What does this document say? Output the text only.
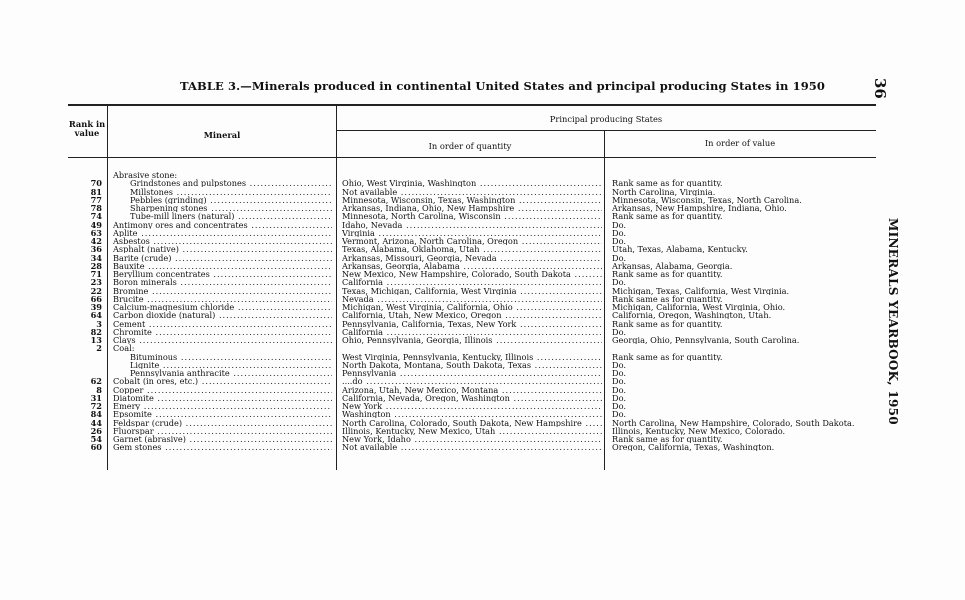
TABLE 3.—Minerals produced in continental United States and principal producing States in 1950	36
MINERALS YEARBOOK, 1950
Rank in value	Mineral
Principal producing States
In order of quantity	In order of value
Abrasive stone:
70	Grindstones and pulpstones .....	Ohio, West Virginia, Washington .....	Rank same as for quantity.
81	Millstones .....	Not available .....	North Carolina, Virginia.
77	Pebbles (grinding) .....	Minnesota, Wisconsin, Texas, Washington .....	Minnesota, Wisconsin, Texas, North Carolina.
78	Sharpening stones .....	Arkansas, Indiana, Ohio, New Hampshire .....	Arkansas, New Hampshire, Indiana, Ohio.
74	Tube-mill liners (natural) .....	Minnesota, North Carolina, Wisconsin .....	Rank same as for quantity.
49 Antimony ores and concentrates .....	Idaho, Nevada .....	Do.
63 Aplite .....	Virginia .....	Do.
42 Asbestos .....	Vermont, Arizona, North Carolina, Oregon .....	Do.
36 Asphalt (native) .....	Texas, Alabama, Oklahoma, Utah .....	Utah, Texas, Alabama, Kentucky.
34 Barite (crude) .....	Arkansas, Missouri, Georgia, Nevada .....	Do.
28 Bauxite .....	Arkansas, Georgia, Alabama .....	Arkansas, Alabama, Georgia.
71 Beryllium concentrates .....	New Mexico, New Hampshire, Colorado, South Dakota .....	Rank same as for quantity.
23 Boron minerals .....	California .....	Do.
22 Bromine .....	Texas, Michigan, California, West Virginia .....	Michigan, Texas, California, West Virginia.
66 Brucite .....	Nevada .....	Rank same as for quantity.
39 Calcium-magnesium chloride .....	Michigan, West Virginia, California, Ohio .....	Michigan, California, West Virginia, Ohio.
64 Carbon dioxide (natural) .....	California, Utah, New Mexico, Oregon .....	California, Oregon, Washington, Utah.
3 Cement .....	Pennsylvania, California, Texas, New York .....	Rank same as for quantity.
82 Chromite .....	California .....	Do.
13 Clays .....	Ohio, Pennsylvania, Georgia, Illinois .....	Georgia, Ohio, Pennsylvania, South Carolina.
2 Coal:
Bituminous .....	West Virginia, Pennsylvania, Kentucky, Illinois .....	Rank same as for quantity.
Lignite .....	North Dakota, Montana, South Dakota, Texas .....	Do.
Pennsylvania anthracite .....	Pennsylvania .....	Do.
62 Cobalt (in ores, etc.) .....	....do .....	Do.
8 Copper .....	Arizona, Utah, New Mexico, Montana .....	Do.
31 Diatomite .....	California, Nevada, Oregon, Washington .....	Do.
72 Emery .....	New York .....	Do.
84 Epsomite .....	Washington .....	Do.
44 Feldspar (crude) .....	North Carolina, Colorado, South Dakota, New Hampshire .....	North Carolina, New Hampshire, Colorado, South Dakota.
26 Fluorspar .....	Illinois, Kentucky, New Mexico, Utah .....	Illinois, Kentucky, New Mexico, Colorado.
54 Garnet (abrasive) .....	New York, Idaho .....	Rank same as for quantity.
60 Gem stones .....	Not available .....	Oregon, California, Texas, Washington.
